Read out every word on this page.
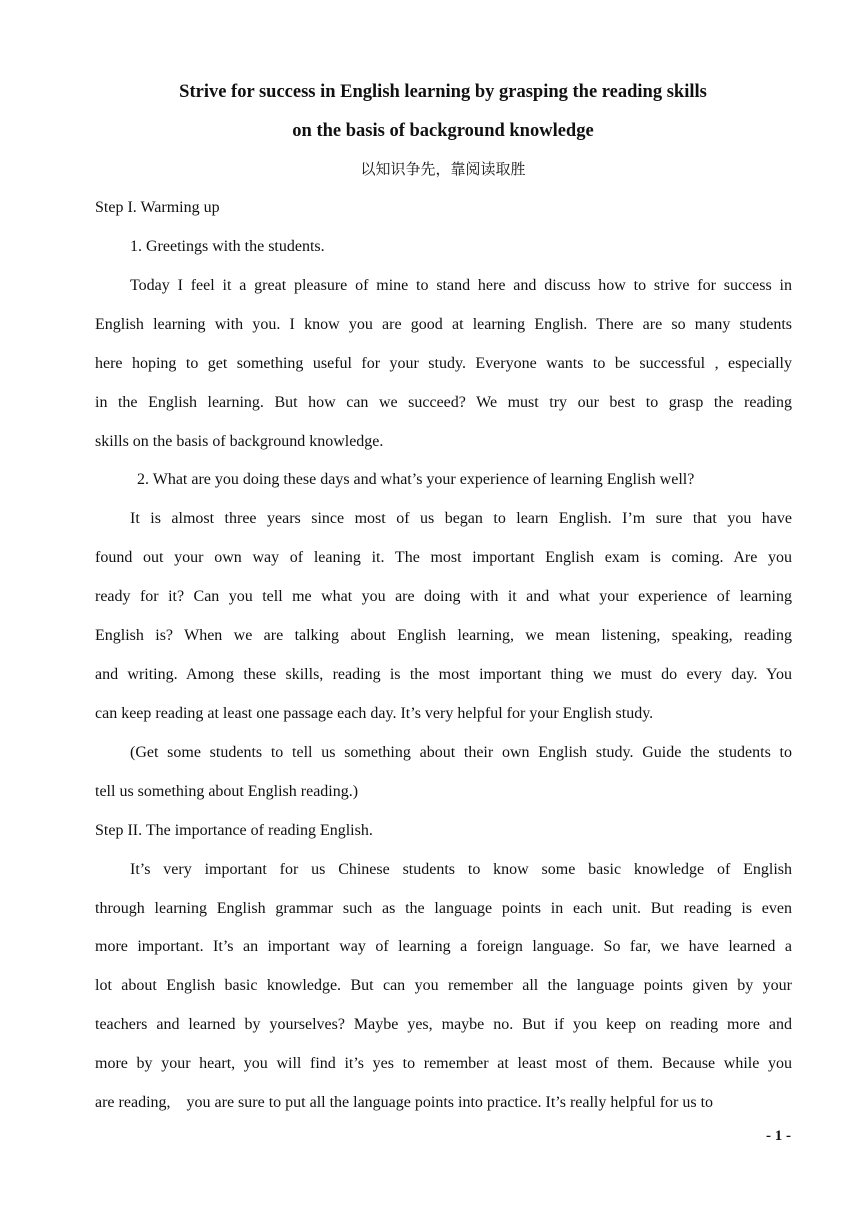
Strive for success in English learning by grasping the reading skills
on the basis of background knowledge
以知识争先，靠阅读取胜
Step I. Warming up
1. Greetings with the students.
Today I feel it a great pleasure of mine to stand here and discuss how to strive for success in
English learning with you. I know you are good at learning English. There are so many students
here hoping to get something useful for your study. Everyone wants to be successful , especially
in the English learning. But how can we succeed? We must try our best to grasp the reading
skills on the basis of background knowledge.
2. What are you doing these days and what’s your experience of learning English well?
It is almost three years since most of us began to learn English. I’m sure that you have
found out your own way of leaning it. The most important English exam is coming. Are you
ready for it? Can you tell me what you are doing with it and what your experience of learning
English is? When we are talking about English learning, we mean listening, speaking, reading
and writing. Among these skills, reading is the most important thing we must do every day. You
can keep reading at least one passage each day. It’s very helpful for your English study.
(Get some students to tell us something about their own English study. Guide the students to
tell us something about English reading.)
Step II. The importance of reading English.
It’s very important for us Chinese students to know some basic knowledge of English
through learning English grammar such as the language points in each unit. But reading is even
more important. It’s an important way of learning a foreign language. So far, we have learned a
lot about English basic knowledge. But can you remember all the language points given by your
teachers and learned by yourselves? Maybe yes, maybe no. But if you keep on reading more and
more by your heart, you will find it’s yes to remember at least most of them. Because while you
are reading,    you are sure to put all the language points into practice. It’s really helpful for us to
- 1 -
